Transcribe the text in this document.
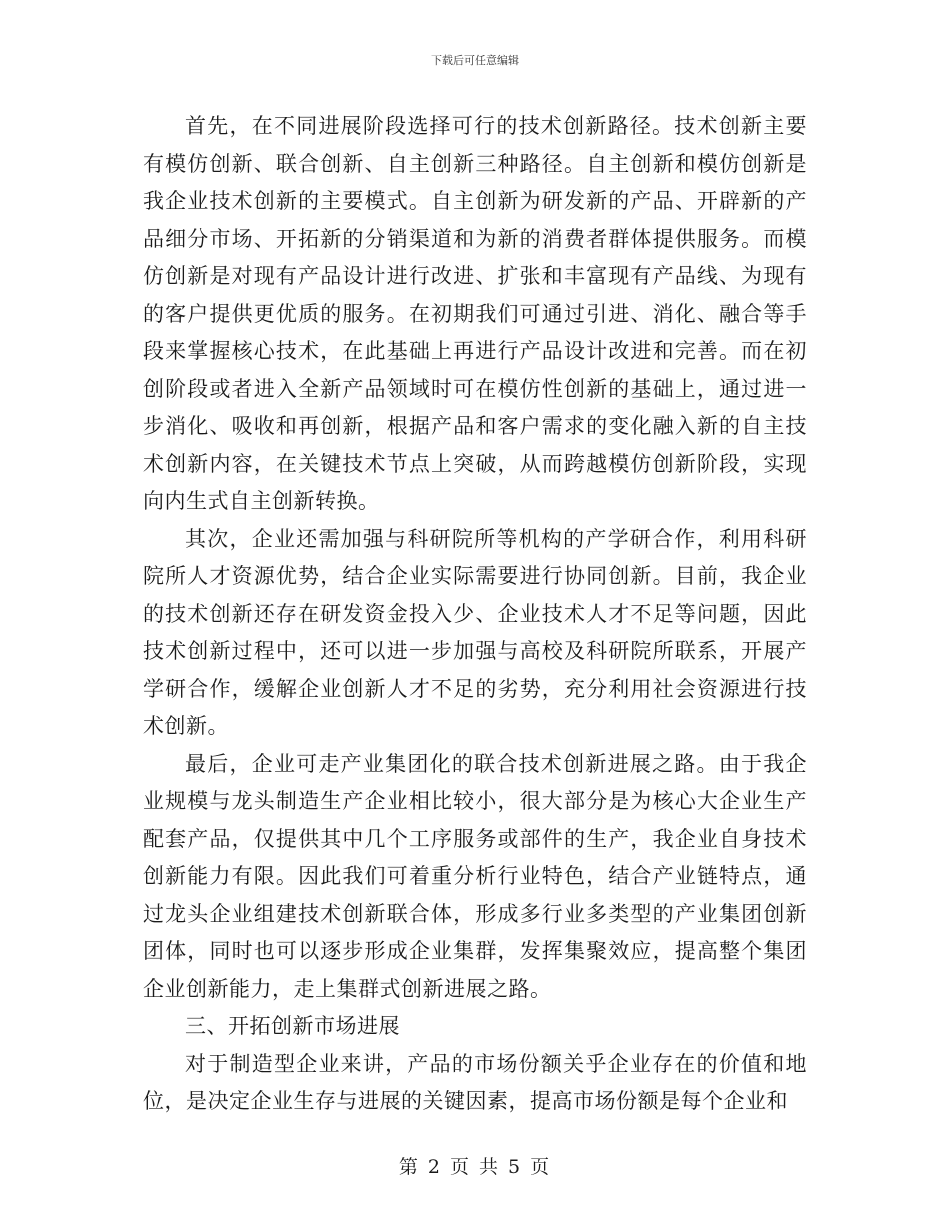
下载后可任意编辑

首先，在不同进展阶段选择可行的技术创新路径。技术创新主要有模仿创新、联合创新、自主创新三种路径。自主创新和模仿创新是我企业技术创新的主要模式。自主创新为研发新的产品、开辟新的产品细分市场、开拓新的分销渠道和为新的消费者群体提供服务。而模仿创新是对现有产品设计进行改进、扩张和丰富现有产品线、为现有的客户提供更优质的服务。在初期我们可通过引进、消化、融合等手段来掌握核心技术，在此基础上再进行产品设计改进和完善。而在初创阶段或者进入全新产品领域时可在模仿性创新的基础上，通过进一步消化、吸收和再创新，根据产品和客户需求的变化融入新的自主技术创新内容，在关键技术节点上突破，从而跨越模仿创新阶段，实现向内生式自主创新转换。

其次，企业还需加强与科研院所等机构的产学研合作，利用科研院所人才资源优势，结合企业实际需要进行协同创新。目前，我企业的技术创新还存在研发资金投入少、企业技术人才不足等问题，因此技术创新过程中，还可以进一步加强与高校及科研院所联系，开展产学研合作，缓解企业创新人才不足的劣势，充分利用社会资源进行技术创新。

最后，企业可走产业集团化的联合技术创新进展之路。由于我企业规模与龙头制造生产企业相比较小，很大部分是为核心大企业生产配套产品，仅提供其中几个工序服务或部件的生产，我企业自身技术创新能力有限。因此我们可着重分析行业特色，结合产业链特点，通过龙头企业组建技术创新联合体，形成多行业多类型的产业集团创新团体，同时也可以逐步形成企业集群，发挥集聚效应，提高整个集团企业创新能力，走上集群式创新进展之路。

三、开拓创新市场进展

对于制造型企业来讲，产品的市场份额关乎企业存在的价值和地位，是决定企业生存与进展的关键因素，提高市场份额是每个企业和

第 2 页 共 5 页
